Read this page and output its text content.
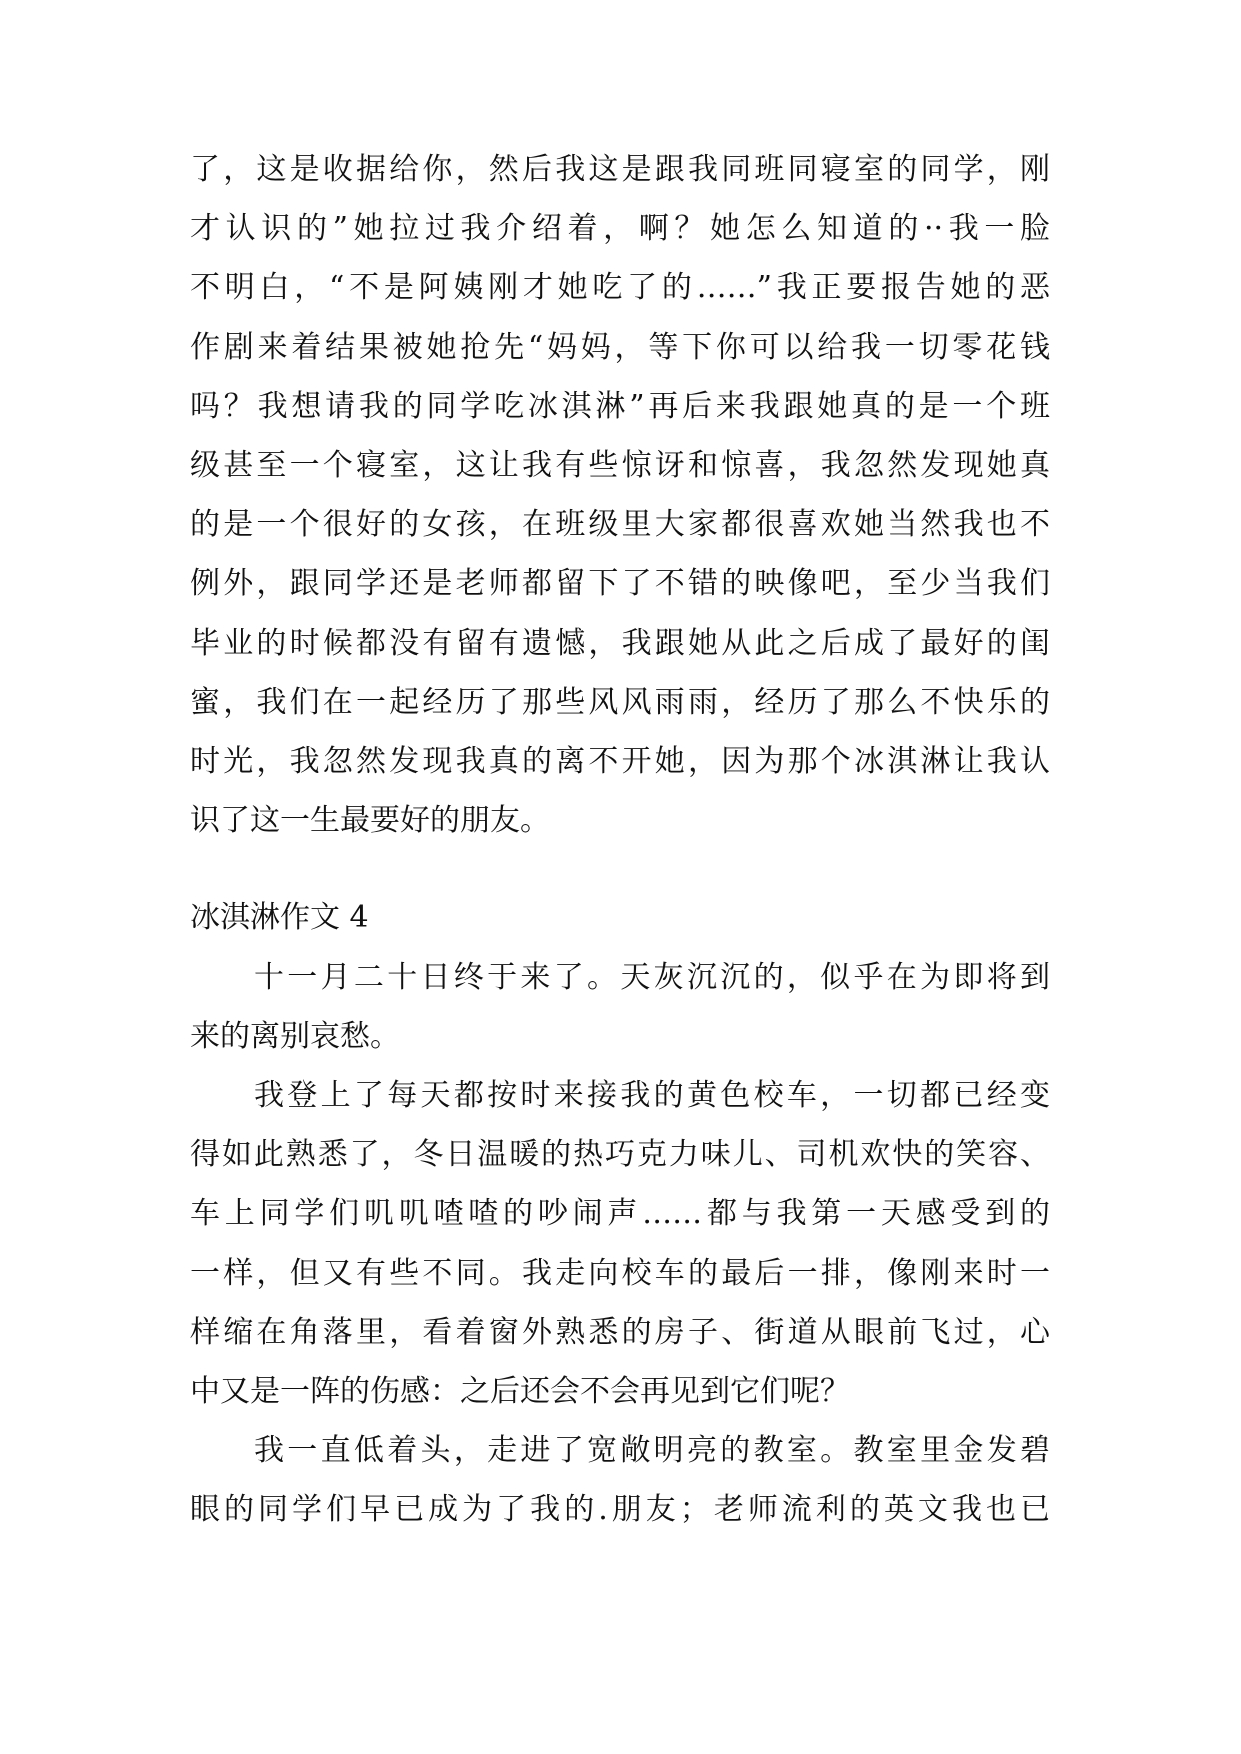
了，这是收据给你，然后我这是跟我同班同寝室的同学，刚
才认识的”她拉过我介绍着，啊？她怎么知道的··我一脸
不明白，“不是阿姨刚才她吃了的……”我正要报告她的恶
作剧来着结果被她抢先“妈妈，等下你可以给我一切零花钱
吗？我想请我的同学吃冰淇淋”再后来我跟她真的是一个班
级甚至一个寝室，这让我有些惊讶和惊喜，我忽然发现她真
的是一个很好的女孩，在班级里大家都很喜欢她当然我也不
例外，跟同学还是老师都留下了不错的映像吧，至少当我们
毕业的时候都没有留有遗憾，我跟她从此之后成了最好的闺
蜜，我们在一起经历了那些风风雨雨，经历了那么不快乐的
时光，我忽然发现我真的离不开她，因为那个冰淇淋让我认
识了这一生最要好的朋友。
冰淇淋作文 4
十一月二十日终于来了。天灰沉沉的，似乎在为即将到
来的离别哀愁。
我登上了每天都按时来接我的黄色校车，一切都已经变
得如此熟悉了，冬日温暖的热巧克力味儿、司机欢快的笑容、
车上同学们叽叽喳喳的吵闹声……都与我第一天感受到的
一样，但又有些不同。我走向校车的最后一排，像刚来时一
样缩在角落里，看着窗外熟悉的房子、街道从眼前飞过，心
中又是一阵的伤感：之后还会不会再见到它们呢？
我一直低着头，走进了宽敞明亮的教室。教室里金发碧
眼的同学们早已成为了我的.朋友；老师流利的英文我也已
